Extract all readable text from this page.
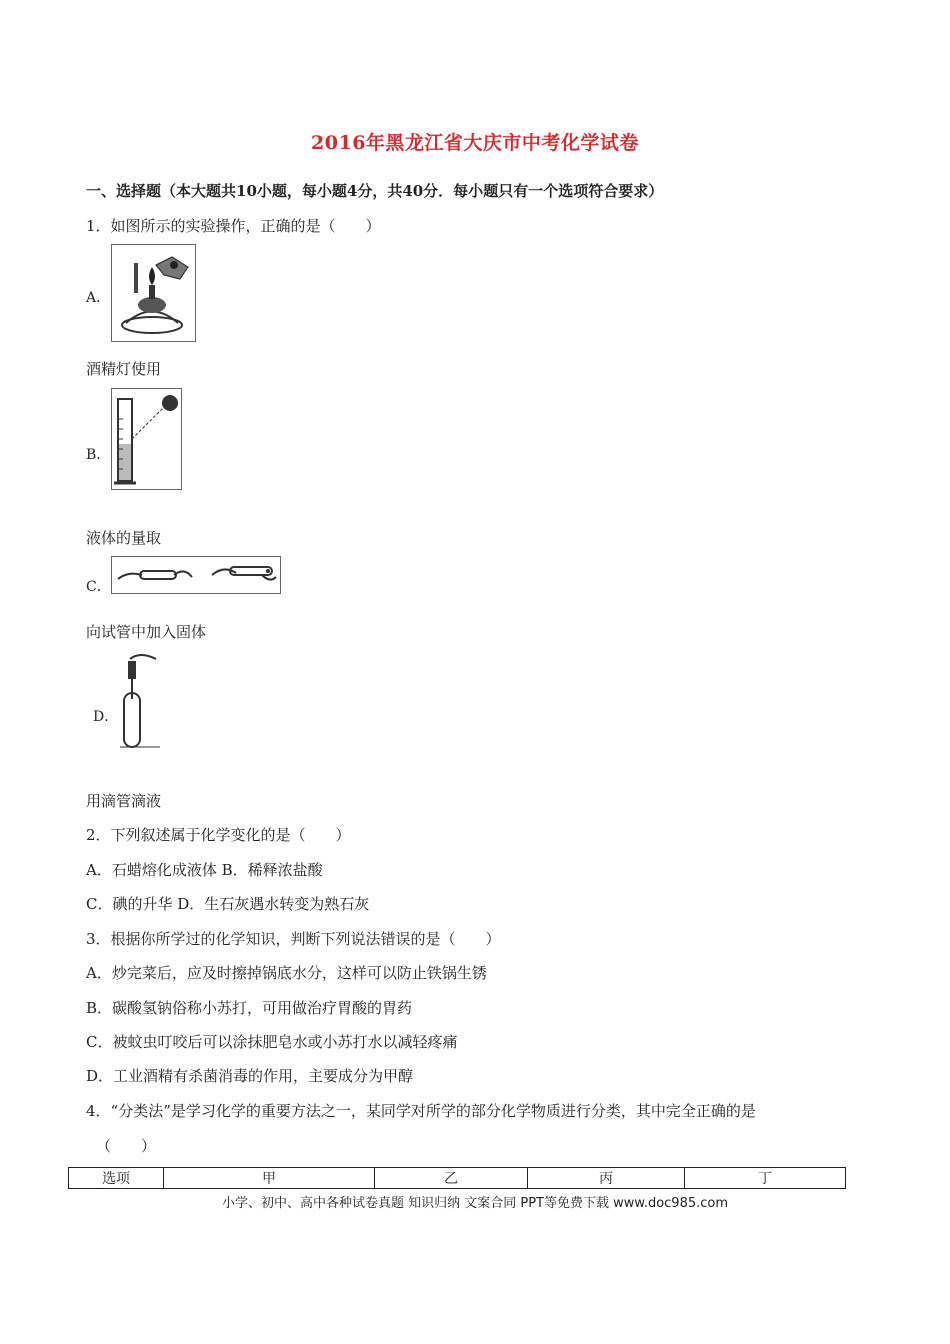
2016年黑龙江省大庆市中考化学试卷
一、选择题（本大题共10小题，每小题4分，共40分．每小题只有一个选项符合要求）
1．如图所示的实验操作，正确的是（　　）
A．
酒精灯使用
B．
液体的量取
C．
向试管中加入固体
D．
用滴管滴液
2．下列叙述属于化学变化的是（　　）
A．石蜡熔化成液体 B．稀释浓盐酸
C．碘的升华 D．生石灰遇水转变为熟石灰
3．根据你所学过的化学知识，判断下列说法错误的是（　　）
A．炒完菜后，应及时擦掉锅底水分，这样可以防止铁锅生锈
B．碳酸氢钠俗称小苏打，可用做治疗胃酸的胃药
C．被蚊虫叮咬后可以涂抹肥皂水或小苏打水以减轻疼痛
D．工业酒精有杀菌消毒的作用，主要成分为甲醇
4．“分类法”是学习化学的重要方法之一，某同学对所学的部分化学物质进行分类，其中完全正确的是
（　　）
选项	甲	乙	丙	丁
小学、初中、高中各种试卷真题 知识归纳 文案合同 PPT等免费下载 www.doc985.com
